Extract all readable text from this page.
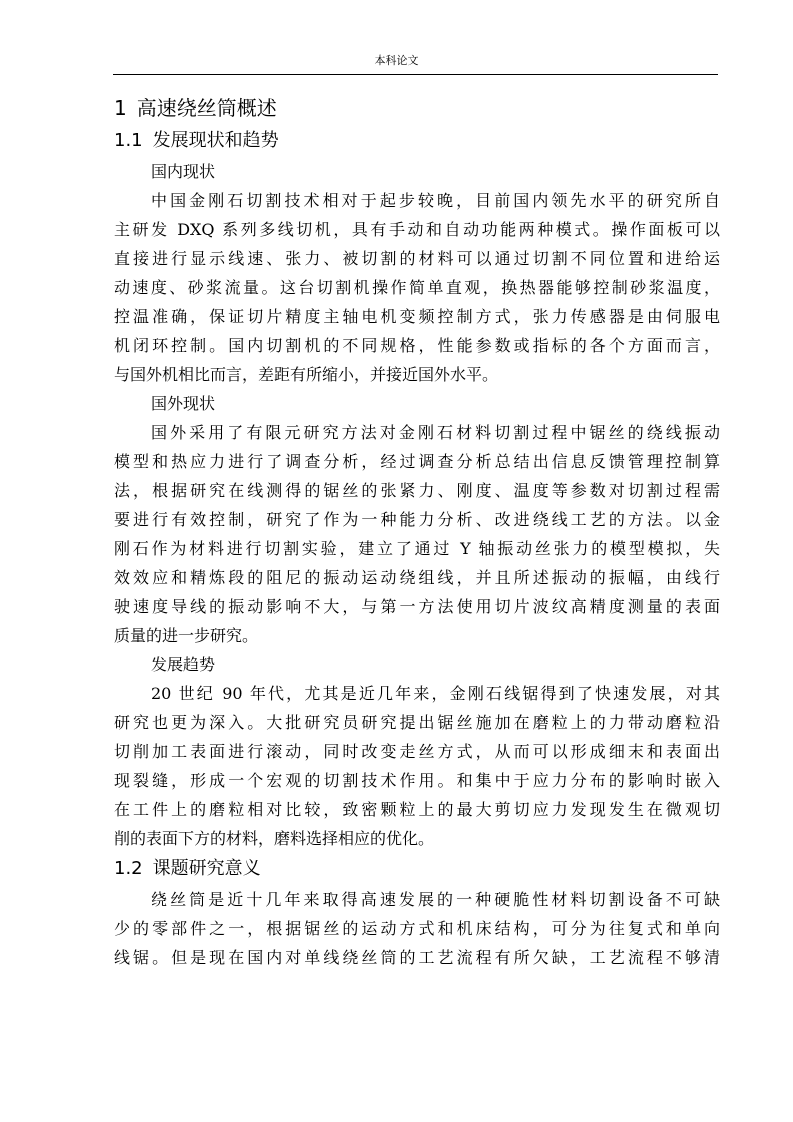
本科论文
1 高速绕丝筒概述
1.1 发展现状和趋势
国内现状
中国金刚石切割技术相对于起步较晚，目前国内领先水平的研究所自
主研发 DXQ 系列多线切机，具有手动和自动功能两种模式。操作面板可以
直接进行显示线速、张力、被切割的材料可以通过切割不同位置和进给运
动速度、砂浆流量。这台切割机操作简单直观，换热器能够控制砂浆温度，
控温准确，保证切片精度主轴电机变频控制方式，张力传感器是由伺服电
机闭环控制。国内切割机的不同规格，性能参数或指标的各个方面而言，
与国外机相比而言，差距有所缩小，并接近国外水平。
国外现状
国外采用了有限元研究方法对金刚石材料切割过程中锯丝的绕线振动
模型和热应力进行了调查分析，经过调查分析总结出信息反馈管理控制算
法，根据研究在线测得的锯丝的张紧力、刚度、温度等参数对切割过程需
要进行有效控制，研究了作为一种能力分析、改进绕线工艺的方法。以金
刚石作为材料进行切割实验，建立了通过 Y 轴振动丝张力的模型模拟，失
效效应和精炼段的阻尼的振动运动绕组线，并且所述振动的振幅，由线行
驶速度导线的振动影响不大，与第一方法使用切片波纹高精度测量的表面
质量的进一步研究。
发展趋势
20 世纪 90 年代，尤其是近几年来，金刚石线锯得到了快速发展，对其
研究也更为深入。大批研究员研究提出锯丝施加在磨粒上的力带动磨粒沿
切削加工表面进行滚动，同时改变走丝方式，从而可以形成细末和表面出
现裂缝，形成一个宏观的切割技术作用。和集中于应力分布的影响时嵌入
在工件上的磨粒相对比较，致密颗粒上的最大剪切应力发现发生在微观切
削的表面下方的材料，磨料选择相应的优化。
1.2 课题研究意义
绕丝筒是近十几年来取得高速发展的一种硬脆性材料切割设备不可缺
少的零部件之一，根据锯丝的运动方式和机床结构，可分为往复式和单向
线锯。但是现在国内对单线绕丝筒的工艺流程有所欠缺，工艺流程不够清
